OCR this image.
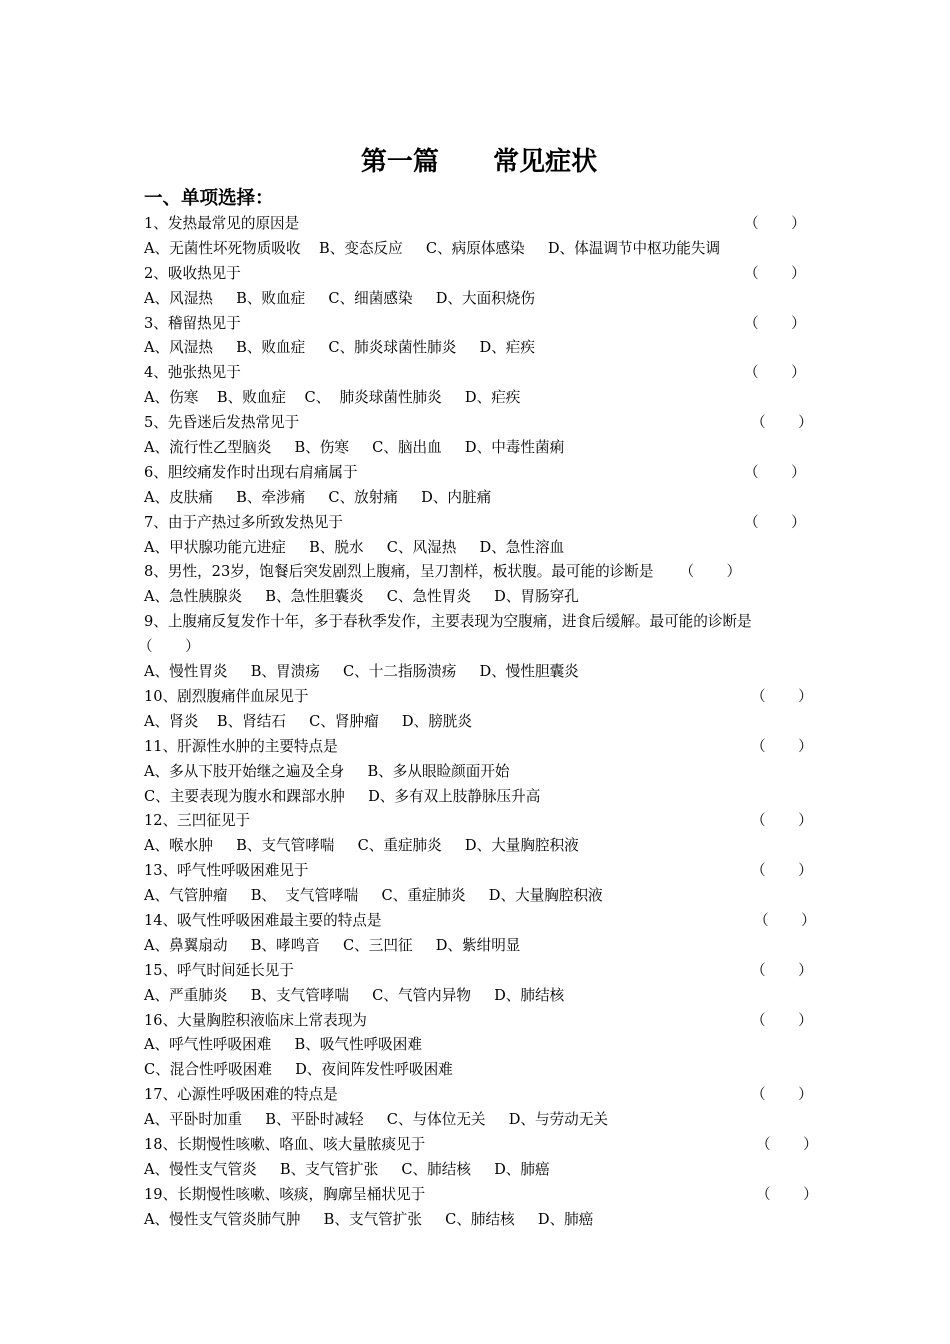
第一篇      常见症状
一、单项选择：
1、发热最常见的原因是	（       ）
A、无菌性坏死物质吸收    B、变态反应     C、病原体感染     D、体温调节中枢功能失调
2、吸收热见于	（       ）
A、风湿热     B、败血症     C、细菌感染     D、大面积烧伤
3、稽留热见于	（       ）
A、风湿热     B、败血症     C、肺炎球菌性肺炎     D、疟疾
4、弛张热见于	（       ）
A、伤寒    B、败血症    C、  肺炎球菌性肺炎     D、疟疾
5、先昏迷后发热常见于	（       ）
A、流行性乙型脑炎     B、伤寒     C、脑出血     D、中毒性菌痢
6、胆绞痛发作时出现右肩痛属于	（       ）
A、皮肤痛     B、牵涉痛     C、放射痛     D、内脏痛
7、由于产热过多所致发热见于	（       ）
A、甲状腺功能亢进症     B、脱水     C、风湿热     D、急性溶血
8、男性，23岁，饱餐后突发剧烈上腹痛，呈刀割样，板状腹。最可能的诊断是 （       ）
A、急性胰腺炎     B、急性胆囊炎     C、急性胃炎     D、胃肠穿孔
9、上腹痛反复发作十年，多于春秋季发作，主要表现为空腹痛，进食后缓解。最可能的诊断是
（       ）
A、慢性胃炎     B、胃溃疡     C、十二指肠溃疡     D、慢性胆囊炎
10、剧烈腹痛伴血尿见于	（       ）
A、肾炎    B、肾结石     C、肾肿瘤     D、膀胱炎
11、肝源性水肿的主要特点是	（       ）
A、多从下肢开始继之遍及全身     B、多从眼睑颜面开始
C、主要表现为腹水和踝部水肿     D、多有双上肢静脉压升高
12、三凹征见于	（       ）
A、喉水肿     B、支气管哮喘     C、重症肺炎     D、大量胸腔积液
13、呼气性呼吸困难见于	（       ）
A、气管肿瘤     B、  支气管哮喘     C、重症肺炎     D、大量胸腔积液
14、吸气性呼吸困难最主要的特点是	（       ）
A、鼻翼扇动     B、哮鸣音     C、三凹征     D、紫绀明显
15、呼气时间延长见于	（       ）
A、严重肺炎     B、支气管哮喘     C、气管内异物     D、肺结核
16、大量胸腔积液临床上常表现为	（       ）
A、呼气性呼吸困难     B、吸气性呼吸困难
C、混合性呼吸困难     D、夜间阵发性呼吸困难
17、心源性呼吸困难的特点是	（       ）
A、平卧时加重     B、平卧时减轻     C、与体位无关     D、与劳动无关
18、长期慢性咳嗽、咯血、咳大量脓痰见于	（       ）
A、慢性支气管炎     B、支气管扩张     C、肺结核     D、肺癌
19、长期慢性咳嗽、咳痰，胸廓呈桶状见于	（       ）
A、慢性支气管炎肺气肿     B、支气管扩张     C、肺结核     D、肺癌
